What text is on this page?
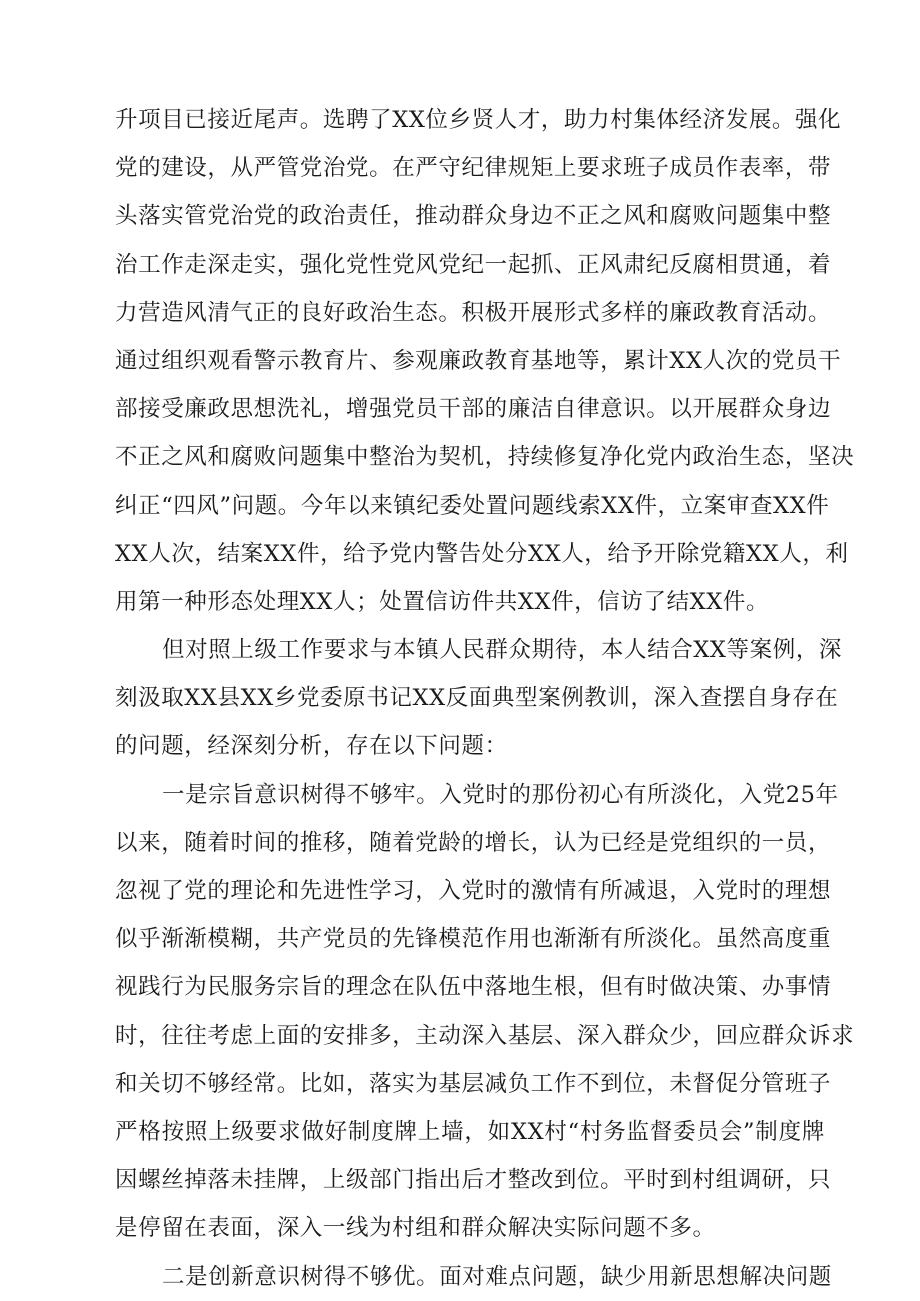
升项目已接近尾声。选聘了XX位乡贤人才，助力村集体经济发展。强化
党的建设，从严管党治党。在严守纪律规矩上要求班子成员作表率，带
头落实管党治党的政治责任，推动群众身边不正之风和腐败问题集中整
治工作走深走实，强化党性党风党纪一起抓、正风肃纪反腐相贯通，着
力营造风清气正的良好政治生态。积极开展形式多样的廉政教育活动。
通过组织观看警示教育片、参观廉政教育基地等，累计XX人次的党员干
部接受廉政思想洗礼，增强党员干部的廉洁自律意识。以开展群众身边
不正之风和腐败问题集中整治为契机，持续修复净化党内政治生态，坚决
纠正“四风”问题。今年以来镇纪委处置问题线索XX件，立案审查XX件
XX人次，结案XX件，给予党内警告处分XX人，给予开除党籍XX人，利
用第一种形态处理XX人；处置信访件共XX件，信访了结XX件。
但对照上级工作要求与本镇人民群众期待，本人结合XX等案例，深
刻汲取XX县XX乡党委原书记XX反面典型案例教训，深入查摆自身存在
的问题，经深刻分析，存在以下问题：
一是宗旨意识树得不够牢。入党时的那份初心有所淡化，入党25年
以来，随着时间的推移，随着党龄的增长，认为已经是党组织的一员，
忽视了党的理论和先进性学习，入党时的激情有所减退，入党时的理想
似乎渐渐模糊，共产党员的先锋模范作用也渐渐有所淡化。虽然高度重
视践行为民服务宗旨的理念在队伍中落地生根，但有时做决策、办事情
时，往往考虑上面的安排多，主动深入基层、深入群众少，回应群众诉求
和关切不够经常。比如，落实为基层减负工作不到位，未督促分管班子
严格按照上级要求做好制度牌上墙，如XX村“村务监督委员会”制度牌
因螺丝掉落未挂牌，上级部门指出后才整改到位。平时到村组调研，只
是停留在表面，深入一线为村组和群众解决实际问题不多。
二是创新意识树得不够优。面对难点问题，缺少用新思想解决问题
